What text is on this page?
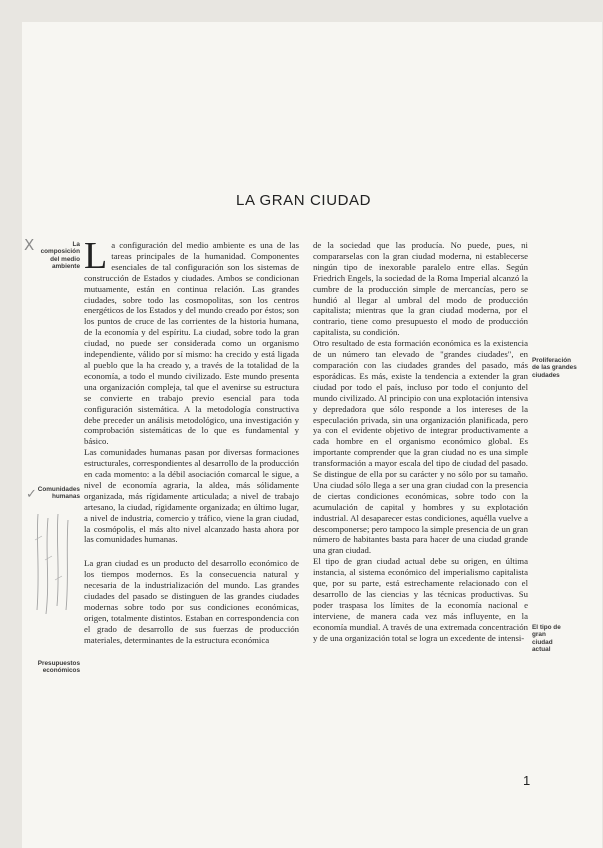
LA GRAN CIUDAD
La composición del medio ambiente
Comunidades humanas
Presupuestos económicos
Proliferación de las grandes ciudades
El tipo de gran ciudad actual
X
✓

La configuración del medio ambiente es una de las tareas principales de la humanidad. Componentes esenciales de tal configuración son los sistemas de construcción de Estados y ciudades. Ambos se condicionan mutuamente, están en continua relación. Las grandes ciudades, sobre todo las cosmopolitas, son los centros energéticos de los Estados y del mundo creado por éstos; son los puntos de cruce de las corrientes de la historia humana, de la economía y del espíritu. La ciudad, sobre todo la gran ciudad, no puede ser considerada como un organismo independiente, válido por sí mismo: ha crecido y está ligada al pueblo que la ha creado y, a través de la totalidad de la economía, a todo el mundo civilizado. Este mundo presenta una organización compleja, tal que el avenirse su estructura se convierte en trabajo previo esencial para toda configuración sistemática. A la metodología constructiva debe preceder un análisis metodológico, una investigación y comprobación sistemáticas de lo que es fundamental y básico.

Las comunidades humanas pasan por diversas formaciones estructurales, correspondientes al desarrollo de la producción en cada momento: a la débil asociación comarcal le sigue, a nivel de economía agraria, la aldea, más sólidamente organizada, más rígidamente articulada; a nivel de trabajo artesano, la ciudad, rígidamente organizada; en último lugar, a nivel de industria, comercio y tráfico, viene la gran ciudad, la cosmópolis, el más alto nivel alcanzado hasta ahora por las comunidades humanas.

La gran ciudad es un producto del desarrollo económico de los tiempos modernos. Es la consecuencia natural y necesaria de la industrialización del mundo. Las grandes ciudades del pasado se distinguen de las grandes ciudades modernas sobre todo por sus condiciones económicas, origen, totalmente distintos. Estaban en correspondencia con el grado de desarrollo de sus fuerzas de producción materiales, determinantes de la estructura económica

de la sociedad que las producía. No puede, pues, ni compararselas con la gran ciudad moderna, ni establecerse ningún tipo de inexorable paralelo entre ellas. Según Friedrich Engels, la sociedad de la Roma Imperial alcanzó la cumbre de la producción simple de mercancías, pero se hundió al llegar al umbral del modo de producción capitalista; mientras que la gran ciudad moderna, por el contrario, tiene como presupuesto el modo de producción capitalista, su condición.

Otro resultado de esta formación económica es la existencia de un número tan elevado de "grandes ciudades", en comparación con las ciudades grandes del pasado, más esporádicas. Es más, existe la tendencia a extender la gran ciudad por todo el país, incluso por todo el conjunto del mundo civilizado. Al principio con una explotación intensiva y depredadora que sólo responde a los intereses de la especulación privada, sin una organización planificada, pero ya con el evidente objetivo de integrar productivamente a cada hombre en el organismo económico global. Es importante comprender que la gran ciudad no es una simple transformación a mayor escala del tipo de ciudad del pasado. Se distingue de ella por su carácter y no sólo por su tamaño. Una ciudad sólo llega a ser una gran ciudad con la presencia de ciertas condiciones económicas, sobre todo con la acumulación de capital y hombres y su explotación industrial. Al desaparecer estas condiciones, aquélla vuelve a descomponerse; pero tampoco la simple presencia de un gran número de habitantes basta para hacer de una ciudad grande una gran ciudad.

El tipo de gran ciudad actual debe su origen, en última instancia, al sistema económico del imperialismo capitalista que, por su parte, está estrechamente relacionado con el desarrollo de las ciencias y las técnicas productivas. Su poder traspasa los límites de la economía nacional e interviene, de manera cada vez más influyente, en la economía mundial. A través de una extremada concentración y de una organización total se logra un excedente de intensi-

1
